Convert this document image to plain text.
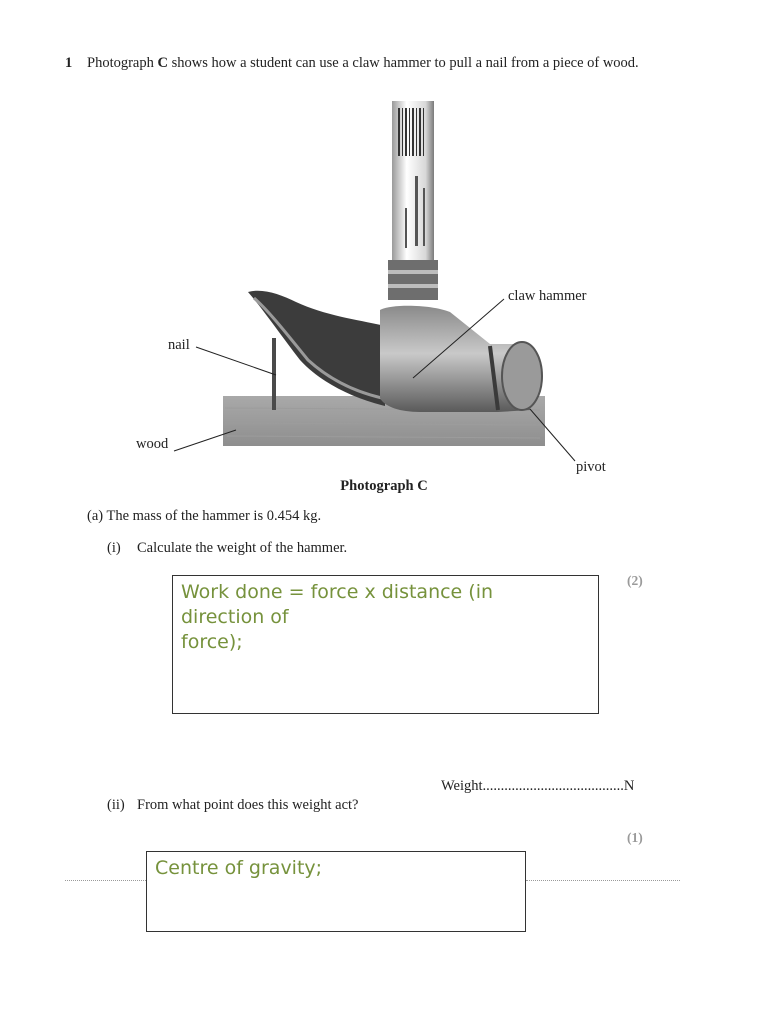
1 Photograph C shows how a student can use a claw hammer to pull a nail from a piece of wood.
claw hammer
nail
wood
pivot
Photograph C
(a) The mass of the hammer is 0.454 kg.
(i) Calculate the weight of the hammer.
(2)
Work done = force x distance (in
direction of
force);
Weight.......................................N
(ii) From what point does this weight act?
(1)
Centre of gravity;
